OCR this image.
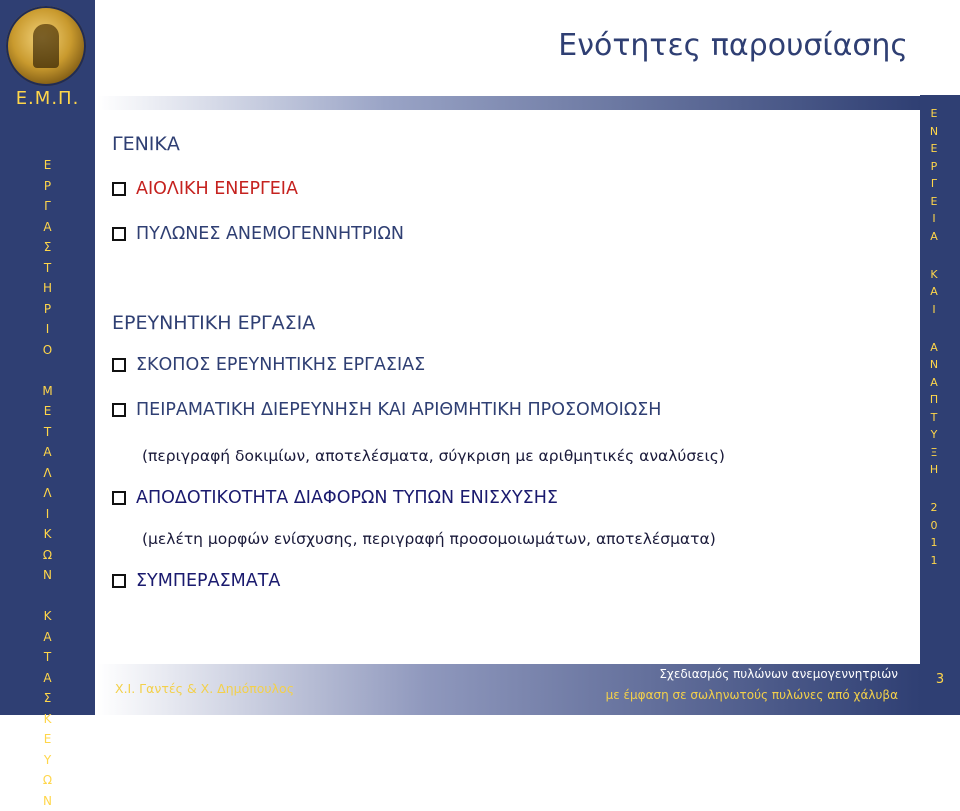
Ε.Μ.Π.
Ε
Ρ
Γ
Α
Σ
Τ
Η
Ρ
Ι
Ο
Μ
Ε
Τ
Α
Λ
Λ
Ι
Κ
Ω
Ν
Κ
Α
Τ
Α
Σ
Κ
Ε
Υ
Ω
Ν
Ε
Ν
Ε
Ρ
Γ
Ε
Ι
Α
Κ
Α
Ι
Α
Ν
Α
Π
Τ
Υ
Ξ
Η
2
0
1
1
Ενότητες παρουσίασης
ΓΕΝΙΚΑ
ΑΙΟΛΙΚΗ ΕΝΕΡΓΕΙΑ
ΠΥΛΩΝΕΣ ΑΝΕΜΟΓΕΝΝΗΤΡΙΩΝ
ΕΡΕΥΝΗΤΙΚΗ ΕΡΓΑΣΙΑ
ΣΚΟΠΟΣ ΕΡΕΥΝΗΤΙΚΗΣ ΕΡΓΑΣΙΑΣ
ΠΕΙΡΑΜΑΤΙΚΗ ΔΙΕΡΕΥΝΗΣΗ ΚΑΙ ΑΡΙΘΜΗΤΙΚΗ ΠΡΟΣΟΜΟΙΩΣΗ
(περιγραφή δοκιμίων, αποτελέσματα, σύγκριση με αριθμητικές αναλύσεις)
ΑΠΟΔΟΤΙΚΟΤΗΤΑ ΔΙΑΦΟΡΩΝ ΤΥΠΩΝ ΕΝΙΣΧΥΣΗΣ
(μελέτη μορφών ενίσχυσης, περιγραφή προσομοιωμάτων, αποτελέσματα)
ΣΥΜΠΕΡΑΣΜΑΤΑ
Χ.Ι. Γαντές & Χ. Δημόπουλος
Σχεδιασμός πυλώνων ανεμογεννητριών
με έμφαση σε σωληνωτούς πυλώνες από χάλυβα
3
